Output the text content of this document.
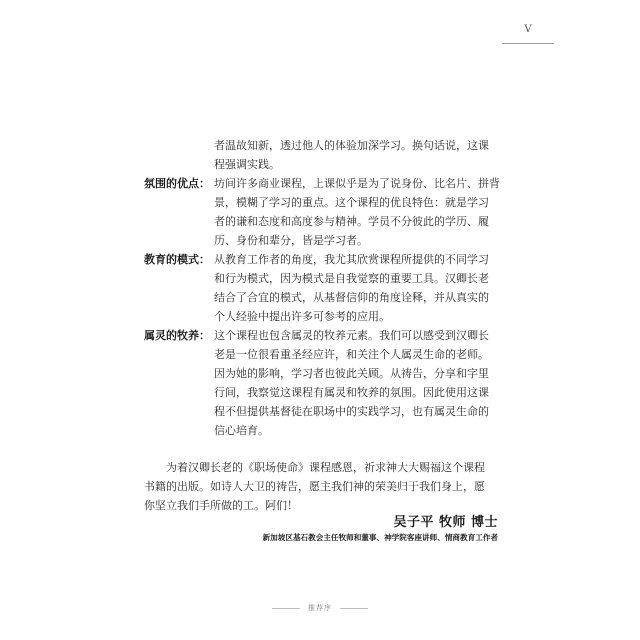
V
者温故知新，透过他人的体验加深学习。换句话说，这课
程强调实践。
氛围的优点： 坊间许多商业课程，上课似乎是为了说身份、比名片、拼背
景，模糊了学习的重点。这个课程的优良特色：就是学习
者的谦和态度和高度参与精神。学员不分彼此的学历、履
历、身份和辈分，皆是学习者。
教育的模式： 从教育工作者的角度，我尤其欣赏课程所提供的不同学习
和行为模式，因为模式是自我觉察的重要工具。汉卿长老
结合了合宜的模式，从基督信仰的角度诠释，并从真实的
个人经验中提出许多可参考的应用。
属灵的牧养： 这个课程也包含属灵的牧养元素。我们可以感受到汉卿长
老是一位很看重圣经应许，和关注个人属灵生命的老师。
因为她的影响，学习者也彼此关顾。从祷告，分享和字里
行间，我察觉这课程有属灵和牧养的氛围。因此使用这课
程不但提供基督徒在职场中的实践学习，也有属灵生命的
信心培育。
为着汉卿长老的《职场使命》课程感恩，祈求神大大赐福这个课程
书籍的出版。如诗人大卫的祷告，愿主我们神的荣美归于我们身上，愿
你坚立我们手所做的工。阿们！
吴子平 牧师 博士
新加坡区基石教会主任牧师和董事、神学院客座讲师、情商教育工作者
推荐序
